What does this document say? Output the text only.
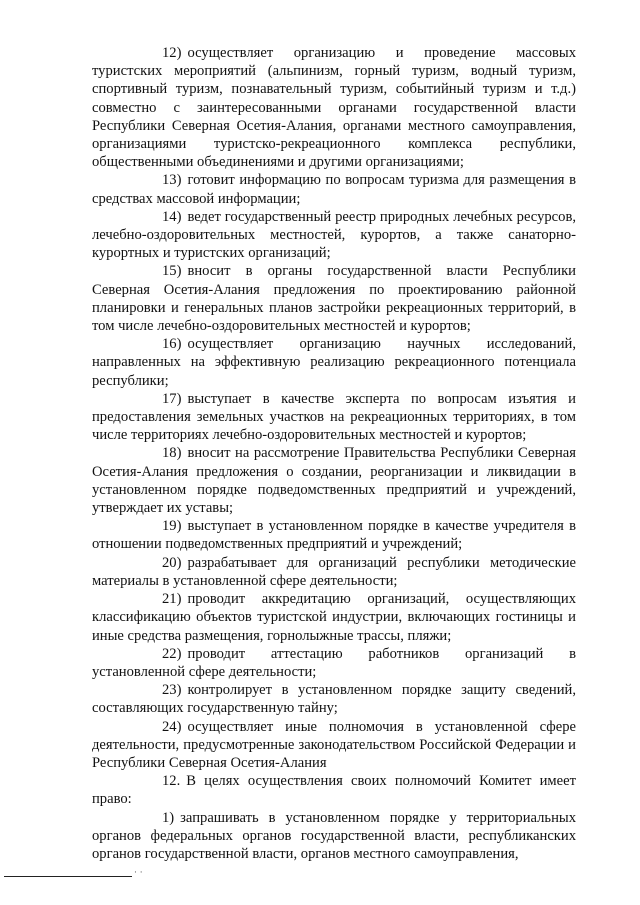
12) осуществляет организацию и проведение массовых туристских мероприятий (альпинизм, горный туризм, водный туризм, спортивный туризм, познавательный туризм, событийный туризм и т.д.) совместно с заинтересованными органами государственной власти Республики Северная Осетия-Алания, органами местного самоуправления, организациями туристско-рекреационного комплекса республики, общественными объединениями и другими организациями;

13) готовит информацию по вопросам туризма для размещения в средствах массовой информации;

14) ведет государственный реестр природных лечебных ресурсов, лечебно-оздоровительных местностей, курортов, а также санаторно-курортных и туристских организаций;

15) вносит в органы государственной власти Республики Северная Осетия-Алания предложения по проектированию районной планировки и генеральных планов застройки рекреационных территорий, в том числе лечебно-оздоровительных местностей и курортов;

16) осуществляет организацию научных исследований, направленных на эффективную реализацию рекреационного потенциала республики;

17) выступает в качестве эксперта по вопросам изъятия и предоставления земельных участков на рекреационных территориях, в том числе территориях лечебно-оздоровительных местностей и курортов;

18) вносит на рассмотрение Правительства Республики Северная Осетия-Алания предложения о создании, реорганизации и ликвидации в установленном порядке подведомственных предприятий и учреждений, утверждает их уставы;

19) выступает в установленном порядке в качестве учредителя в отношении подведомственных предприятий и учреждений;

20) разрабатывает для организаций республики методические материалы в установленной сфере деятельности;

21) проводит аккредитацию организаций, осуществляющих классификацию объектов туристской индустрии, включающих гостиницы и иные средства размещения, горнолыжные трассы, пляжи;

22) проводит аттестацию работников организаций в установленной сфере деятельности;

23) контролирует в установленном порядке защиту сведений, составляющих государственную тайну;

24) осуществляет иные полномочия в установленной сфере деятельности, предусмотренные законодательством Российской Федерации и Республики Северная Осетия-Алания

12. В целях осуществления своих полномочий Комитет имеет право:

1) запрашивать в установленном порядке у территориальных органов федеральных органов государственной власти, республиканских органов государственной власти, органов местного самоуправления,

· ·
